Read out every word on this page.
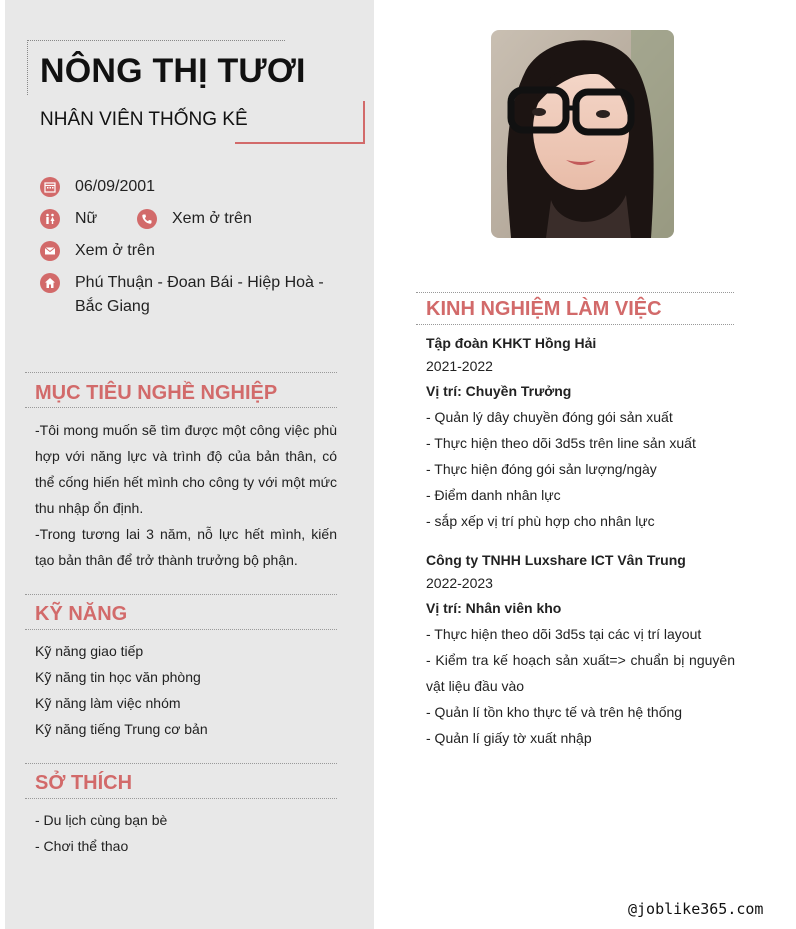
NÔNG THỊ TƯƠI
NHÂN VIÊN THỐNG KÊ
06/09/2001
Nữ	Xem ở trên
Xem ở trên
Phú Thuận - Đoan Bái - Hiệp Hoà - Bắc Giang
MỤC TIÊU NGHỀ NGHIỆP
-Tôi mong muốn sẽ tìm được một công việc phù hợp với năng lực và trình độ của bản thân, có thể cống hiến hết mình cho công ty với một mức thu nhập ổn định.
-Trong tương lai 3 năm, nỗ lực hết mình, kiến tạo bản thân để trở thành trưởng bộ phận.
KỸ NĂNG
Kỹ năng giao tiếp
Kỹ năng tin học văn phòng
Kỹ năng làm việc nhóm
Kỹ năng tiếng Trung cơ bản
SỞ THÍCH
- Du lịch cùng bạn bè
- Chơi thể thao
KINH NGHIỆM LÀM VIỆC
Tập đoàn KHKT Hồng Hải
2021-2022
Vị trí: Chuyền Trưởng
- Quản lý dây chuyền đóng gói sản xuất
- Thực hiện theo dõi 3d5s trên line sản xuất
- Thực hiện đóng gói sản lượng/ngày
- Điểm danh nhân lực
- sắp xếp vị trí phù hợp cho nhân lực
Công ty TNHH Luxshare ICT Vân Trung
2022-2023
Vị trí: Nhân viên kho
- Thực hiện theo dõi 3d5s tại các vị trí layout
- Kiểm tra kế hoạch sản xuất=> chuẩn bị nguyên vật liệu đầu vào
- Quản lí tồn kho thực tế và trên hệ thống
- Quản lí giấy tờ xuất nhập
@joblike365.com
